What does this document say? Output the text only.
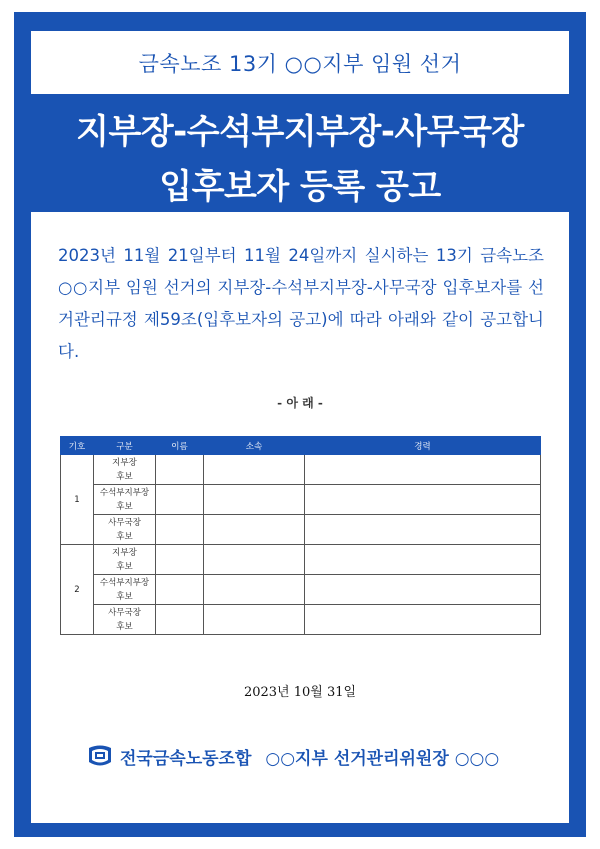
금속노조 13기 ○○지부 임원 선거
지부장-수석부지부장-사무국장
입후보자 등록 공고

2023년 11월 21일부터 11월 24일까지 실시하는 13기 금속노조 ○○지부 임원 선거의 지부장-수석부지부장-사무국장 입후보자를 선거관리규정 제59조(입후보자의 공고)에 따라 아래와 같이 공고합니다.

- 아 래 -
기호	구분	이름	소속	경력
1	지부장
후보			
	수석부지부장
후보			
	사무국장
후보			
2	지부장
후보			
	수석부지부장
후보			
	사무국장
후보			
2023년 10월 31일
전국금속노동조합 ○○지부 선거관리위원장 ○○○
